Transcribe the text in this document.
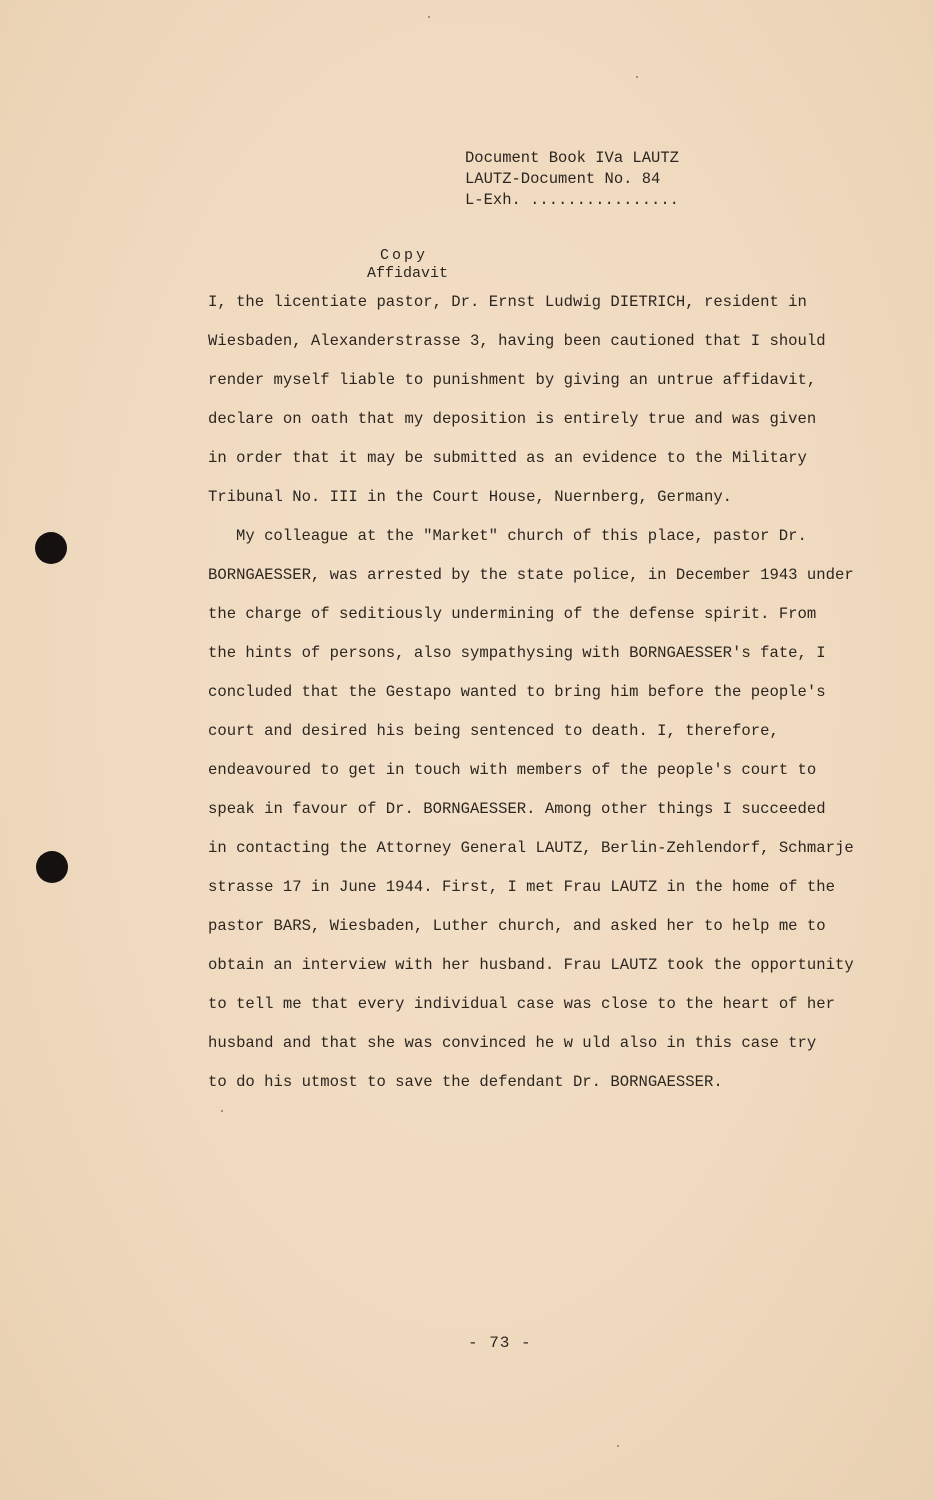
Document Book IVa LAUTZ
LAUTZ-Document No. 84
L-Exh. ................
Copy
Affidavit
I, the licentiate pastor, Dr. Ernst Ludwig DIETRICH, resident in
Wiesbaden, Alexanderstrasse 3, having been cautioned that I should
render myself liable to punishment by giving an untrue affidavit,
declare on oath that my deposition is entirely true and was given
in order that it may be submitted as an evidence to the Military
Tribunal No. III in the Court House, Nuernberg, Germany.
My colleague at the "Market" church of this place, pastor Dr.
BORNGAESSER, was arrested by the state police, in December 1943 under
the charge of seditiously undermining of the defense spirit. From
the hints of persons, also sympathysing with BORNGAESSER's fate, I
concluded that the Gestapo wanted to bring him before the people's
court and desired his being sentenced to death. I, therefore,
endeavoured to get in touch with members of the people's court to
speak in favour of Dr. BORNGAESSER. Among other things I succeeded
in contacting the Attorney General LAUTZ, Berlin-Zehlendorf, Schmarje
strasse 17 in June 1944. First, I met Frau LAUTZ in the home of the
pastor BARS, Wiesbaden, Luther church, and asked her to help me to
obtain an interview with her husband. Frau LAUTZ took the opportunity
to tell me that every individual case was close to the heart of her
husband and that she was convinced he w uld also in this case try
to do his utmost to save the defendant Dr. BORNGAESSER.
- 73 -
